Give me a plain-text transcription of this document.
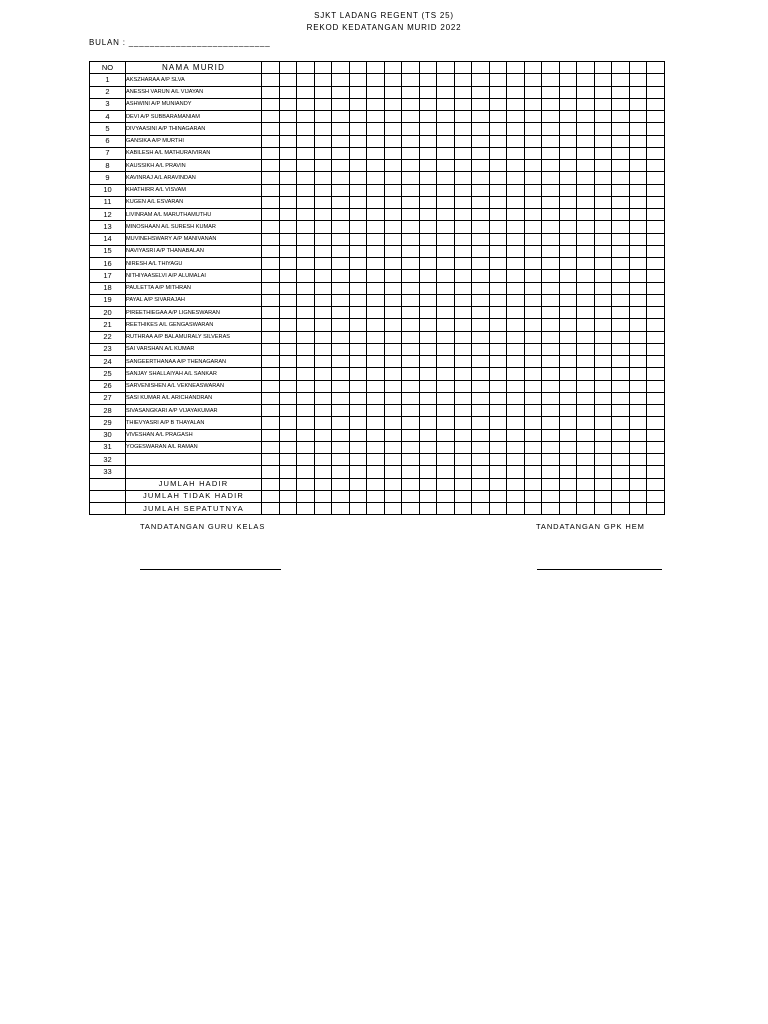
SJKT LADANG REGENT (TS 25)
REKOD KEDATANGAN MURID 2022
BULAN : ___________________________
NO	NAMA MURID																							
1	AKSZHARAA A/P SLVA																							
2	ANESSH VARUN A/L VIJAYAN																							
3	ASHWINI A/P MUNIANDY																							
4	DEVI A/P SUBBARAMANIAM																							
5	DIVYAASINI A/P THINAGARAN																							
6	GANSIKA A/P MURTHI																							
7	KABILESH A/L MATHURAIVIRAN																							
8	KAUSSIKH A/L PRAVIN																							
9	KAVINRAJ A/L ARAVINDAN																							
10	KHATHIRR A/L VISVAM																							
11	KUGEN A/L ESVARAN																							
12	LIVINRAM A/L MARUTHAMUTHU																							
13	MINOSHAAN A/L SURESH KUMAR																							
14	MUVINEHSWARY A/P MANIVANAN																							
15	NAVIYASRI A/P THANABALAN																							
16	NIRESH A/L THIYAGU																							
17	NITHIYAASELVI A/P ALUMALAI																							
18	PAULETTA A/P MITHRAN																							
19	PAYAL A/P SIVARAJAH																							
20	PIREETHIEGAA A/P LIGNESWARAN																							
21	REETHIKES A/L GENGASWARAN																							
22	RUTHRAA A/P BALAMURALY SILVERAS																							
23	SAI VARSHAN A/L KUMAR																							
24	SANGEERTHANAA A/P THENAGARAN																							
25	SANJAY SHALLAIYAH A/L SANKAR																							
26	SARVENISHEN A/L VEKNEASWARAN																							
27	SASI KUMAR A/L ARICHANDRAN																							
28	SIVASANGKARI A/P VIJAYAKUMAR																							
29	THIEVYASRI A/P B THAYALAN																							
30	VIVESHAN A/L PRAGASH																							
31	YOGESWARAN A/L RAMAN																							
32																								
33																								
	JUMLAH HADIR																							
	JUMLAH TIDAK HADIR																							
	JUMLAH SEPATUTNYA																							
TANDATANGAN GURU KELAS	TANDATANGAN GPK HEM
